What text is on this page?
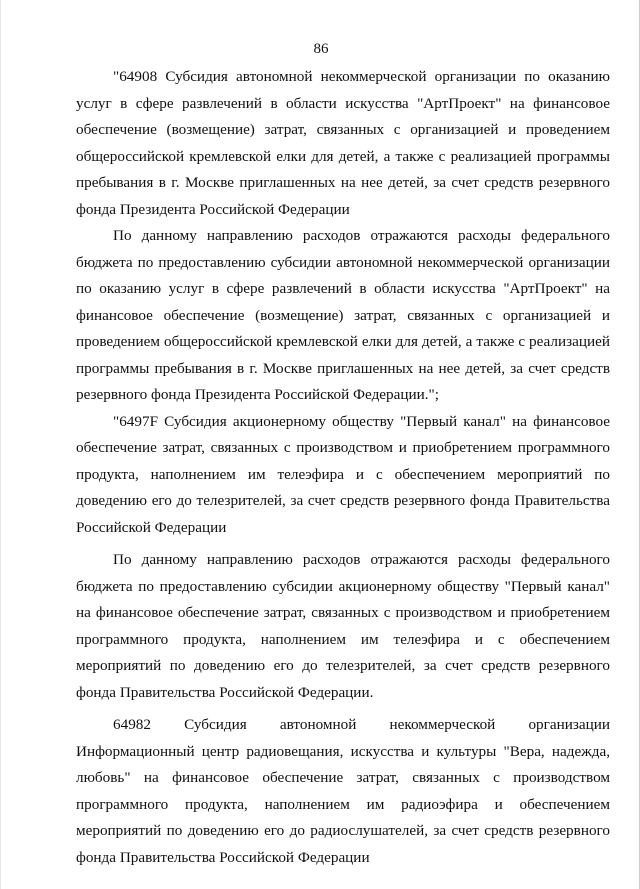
86

"64908 Субсидия автономной некоммерческой организации по оказанию услуг в сфере развлечений в области искусства "АртПроект" на финансовое обеспечение (возмещение) затрат, связанных с организацией и проведением общероссийской кремлевской елки для детей, а также с реализацией программы пребывания в г. Москве приглашенных на нее детей, за счет средств резервного фонда Президента Российской Федерации

По данному направлению расходов отражаются расходы федерального бюджета по предоставлению субсидии автономной некоммерческой организации по оказанию услуг в сфере развлечений в области искусства "АртПроект" на финансовое обеспечение (возмещение) затрат, связанных с организацией и проведением общероссийской кремлевской елки для детей, а также с реализацией программы пребывания в г. Москве приглашенных на нее детей, за счет средств резервного фонда Президента Российской Федерации.";

"6497F Субсидия акционерному обществу "Первый канал" на финансовое обеспечение затрат, связанных с производством и приобретением программного продукта, наполнением им телеэфира и с обеспечением мероприятий по доведению его до телезрителей, за счет средств резервного фонда Правительства Российской Федерации

По данному направлению расходов отражаются расходы федерального бюджета по предоставлению субсидии акционерному обществу "Первый канал" на финансовое обеспечение затрат, связанных с производством и приобретением программного продукта, наполнением им телеэфира и с обеспечением мероприятий по доведению его до телезрителей, за счет средств резервного фонда Правительства Российской Федерации.

64982 Субсидия автономной некоммерческой организации Информационный центр радиовещания, искусства и культуры "Вера, надежда, любовь" на финансовое обеспечение затрат, связанных с производством программного продукта, наполнением им радиоэфира и обеспечением мероприятий по доведению его до радиослушателей, за счет средств резервного фонда Правительства Российской Федерации
